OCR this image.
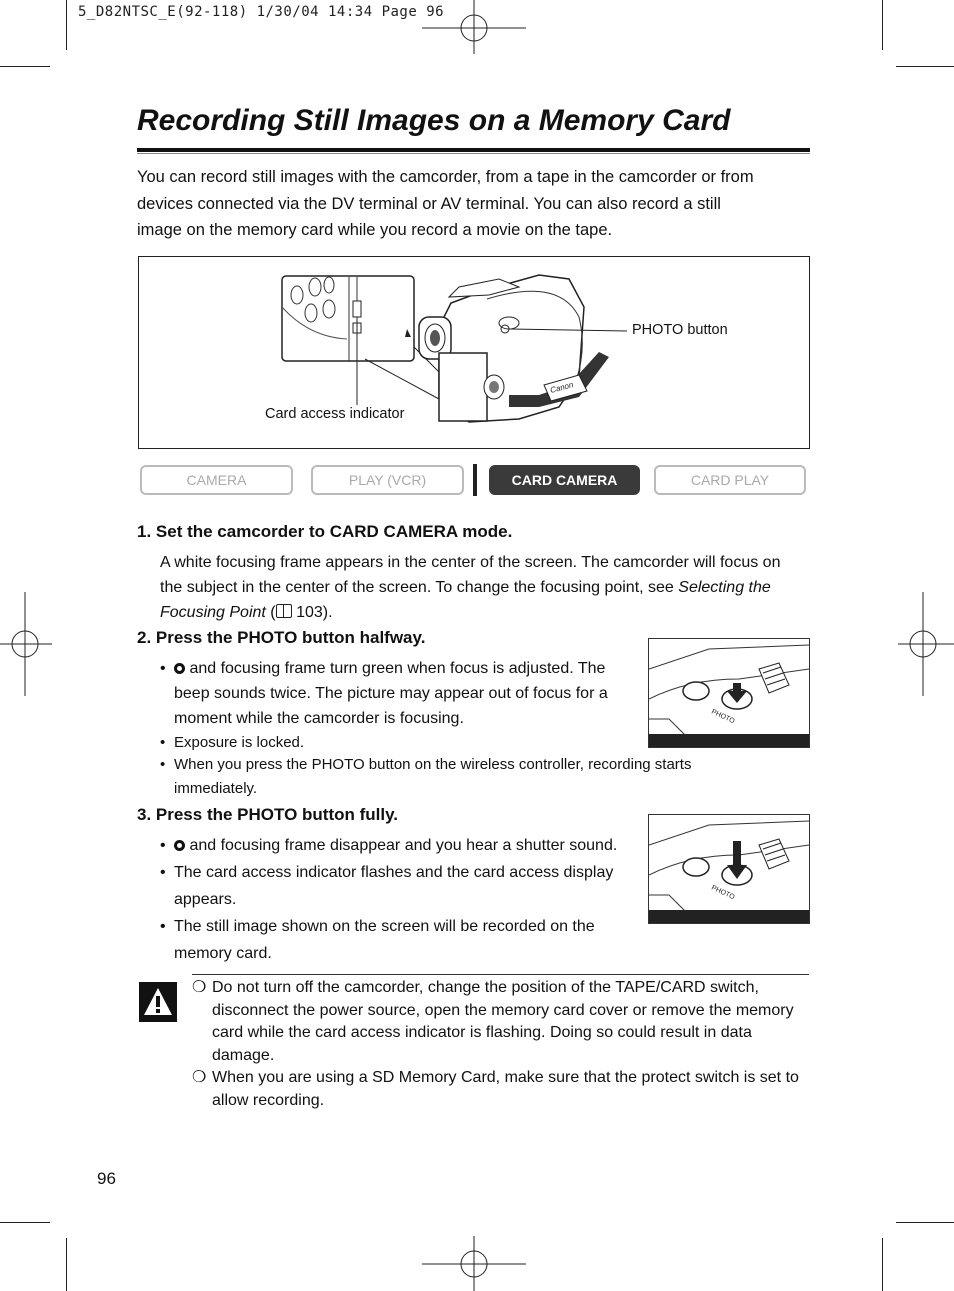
5_D82NTSC_E(92-118) 1/30/04 14:34 Page 96
Recording Still Images on a Memory Card
You can record still images with the camcorder, from a tape in the camcorder or from
devices connected via the DV terminal or AV terminal. You can also record a still
image on the memory card while you record a movie on the tape.
Canon
PHOTO button
Card access indicator
CAMERA	PLAY (VCR)	CARD CAMERA	CARD PLAY
1. Set the camcorder to CARD CAMERA mode.
A white focusing frame appears in the center of the screen. The camcorder will focus on
the subject in the center of the screen. To change the focusing point, see Selecting the
Focusing Point (
103).
2. Press the PHOTO button halfway.
• and focusing frame turn green when focus is adjusted. The
beep sounds twice. The picture may appear out of focus for a
moment while the camcorder is focusing.
• Exposure is locked.
• When you press the PHOTO button on the wireless controller, recording starts
immediately.
PHOTO
3. Press the PHOTO button fully.
• and focusing frame disappear and you hear a shutter sound.
• The card access indicator flashes and the card access display
appears.
• The still image shown on the screen will be recorded on the
memory card.
PHOTO

❍ Do not turn off the camcorder, change the position of the TAPE/CARD switch, disconnect the power source, open the memory card cover or remove the memory card while the card access indicator is flashing. Doing so could result in data damage.

❍ When you are using a SD Memory Card, make sure that the protect switch is set to allow recording.

96
